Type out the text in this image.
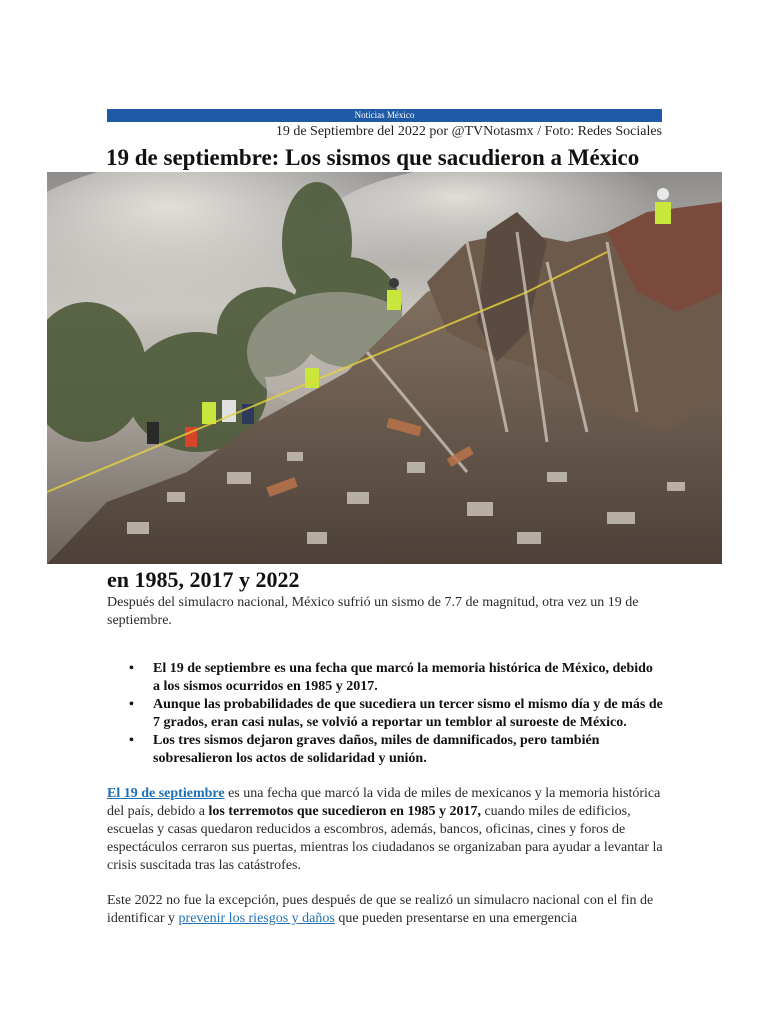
Noticias México
19 de Septiembre del 2022 por @TVNotasmx / Foto: Redes Sociales
19 de septiembre: Los sismos que sacudieron a México
en 1985, 2017 y 2022

Después del simulacro nacional, México sufrió un sismo de 7.7 de magnitud, otra vez un 19 de septiembre.

• El 19 de septiembre es una fecha que marcó la memoria histórica de México, debido a los sismos ocurridos en 1985 y 2017.
• Aunque las probabilidades de que sucediera un tercer sismo el mismo día y de más de 7 grados, eran casi nulas, se volvió a reportar un temblor al suroeste de México.
• Los tres sismos dejaron graves daños, miles de damnificados, pero también sobresalieron los actos de solidaridad y unión.

El 19 de septiembre es una fecha que marcó la vida de miles de mexicanos y la memoria histórica del país, debido a los terremotos que sucedieron en 1985 y 2017, cuando miles de edificios, escuelas y casas quedaron reducidos a escombros, además, bancos, oficinas, cines y foros de espectáculos cerraron sus puertas, mientras los ciudadanos se organizaban para ayudar a levantar la crisis suscitada tras las catástrofes.

Este 2022 no fue la excepción, pues después de que se realizó un simulacro nacional con el fin de identificar y prevenir los riesgos y daños que pueden presentarse en una emergencia
